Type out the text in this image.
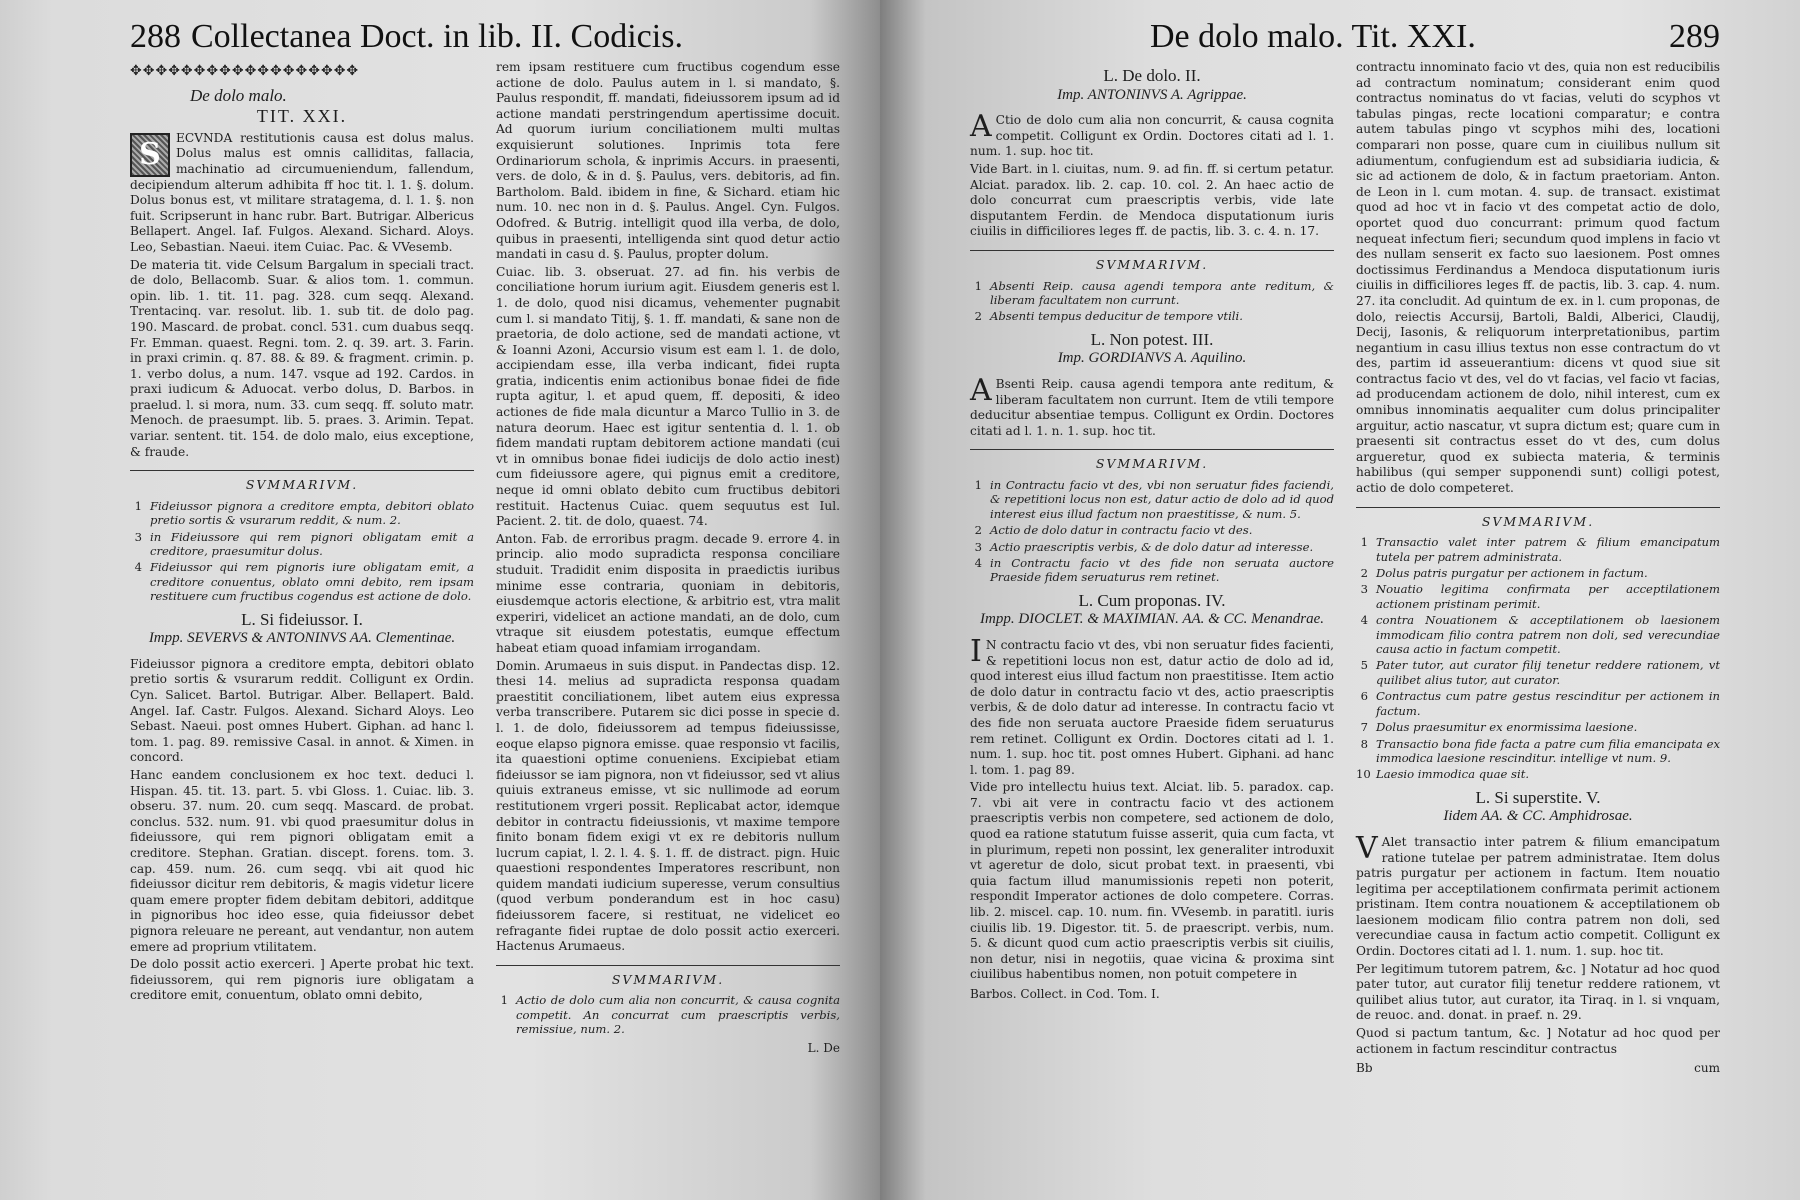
288 Collectanea Doct. in lib. II. Codicis.
✥✥✥✥✥✥✥✥✥✥✥✥✥✥✥✥✥✥
De dolo malo.
TIT. XXI.

S	ECVNDA restitutionis causa est dolus malus. Dolus malus est omnis calliditas, fallacia, machinatio ad circumueniendum, fallendum, decipiendum alterum adhibita ff hoc tit. l. 1. §. dolum. Dolus bonus est, vt militare stratagema, d. l. 1. §. non fuit. Scripserunt in hanc rubr. Bart. Butrigar. Albericus Bellapert. Angel. Iaf. Fulgos. Alexand. Sichard. Aloys. Leo, Sebastian. Naeui. item Cuiac. Pac. & VVesemb.

De materia tit. vide Celsum Bargalum in speciali tract. de dolo, Bellacomb. Suar. & alios tom. 1. commun. opin. lib. 1. tit. 11. pag. 328. cum seqq. Alexand. Trentacinq. var. resolut. lib. 1. sub tit. de dolo pag. 190. Mascard. de probat. concl. 531. cum duabus seqq. Fr. Emman. quaest. Regni. tom. 2. q. 39. art. 3. Farin. in praxi crimin. q. 87. 88. & 89. & fragment. crimin. p. 1. verbo dolus, a num. 147. vsque ad 192. Cardos. in praxi iudicum & Aduocat. verbo dolus, D. Barbos. in praelud. l. si mora, num. 33. cum seqq. ff. soluto matr. Menoch. de praesumpt. lib. 5. praes. 3. Arimin. Tepat. variar. sentent. tit. 154. de dolo malo, eius exceptione, & fraude.

SVMMARIVM.
1 Fideiussor pignora a creditore empta, debitori oblato pretio sortis & vsurarum reddit, & num. 2.
3 in Fideiussore qui rem pignori obligatam emit a creditore, praesumitur dolus.
4 Fideiussor qui rem pignoris iure obligatam emit, a creditore conuentus, oblato omni debito, rem ipsam restituere cum fructibus cogendus est actione de dolo.
L. Si fideiussor. I.
Impp. SEVERVS & ANTONINVS AA. Clementinae.

Fideiussor pignora a creditore empta, debitori oblato pretio sortis & vsurarum reddit. Colligunt ex Ordin. Cyn. Salicet. Bartol. Butrigar. Alber. Bellapert. Bald. Angel. Iaf. Castr. Fulgos. Alexand. Sichard Aloys. Leo Sebast. Naeui. post omnes Hubert. Giphan. ad hanc l. tom. 1. pag. 89. remissive Casal. in annot. & Ximen. in concord.

Hanc eandem conclusionem ex hoc text. deduci l. Hispan. 45. tit. 13. part. 5. vbi Gloss. 1. Cuiac. lib. 3. obseru. 37. num. 20. cum seqq. Mascard. de probat. conclus. 532. num. 91. vbi quod praesumitur dolus in fideiussore, qui rem pignori obligatam emit a creditore. Stephan. Gratian. discept. forens. tom. 3. cap. 459. num. 26. cum seqq. vbi ait quod hic fideiussor dicitur rem debitoris, & magis videtur licere quam emere propter fidem debitam debitori, additque in pignoribus hoc ideo esse, quia fideiussor debet pignora releuare ne pereant, aut vendantur, non autem emere ad proprium vtilitatem.

De dolo possit actio exerceri. ] Aperte probat hic text. fideiussorem, qui rem pignoris iure obligatam a creditore emit, conuentum, oblato omni debito,

rem ipsam restituere cum fructibus cogendum esse actione de dolo. Paulus autem in l. si mandato, §. Paulus respondit, ff. mandati, fideiussorem ipsum ad id actione mandati perstringendum apertissime docuit. Ad quorum iurium conciliationem multi multas exquisierunt solutiones. Inprimis tota fere Ordinariorum schola, & inprimis Accurs. in praesenti, vers. de dolo, & in d. §. Paulus, vers. debitoris, ad fin. Bartholom. Bald. ibidem in fine, & Sichard. etiam hic num. 10. nec non in d. §. Paulus. Angel. Cyn. Fulgos. Odofred. & Butrig. intelligit quod illa verba, de dolo, quibus in praesenti, intelligenda sint quod detur actio mandati in casu d. §. Paulus, propter dolum.

Cuiac. lib. 3. obseruat. 27. ad fin. his verbis de conciliatione horum iurium agit. Eiusdem generis est l. 1. de dolo, quod nisi dicamus, vehementer pugnabit cum l. si mandato Titij, §. 1. ff. mandati, & sane non de praetoria, de dolo actione, sed de mandati actione, vt & Ioanni Azoni, Accursio visum est eam l. 1. de dolo, accipiendam esse, illa verba indicant, fidei rupta gratia, indicentis enim actionibus bonae fidei de fide rupta agitur, l. et apud quem, ff. depositi, & ideo actiones de fide mala dicuntur a Marco Tullio in 3. de natura deorum. Haec est igitur sententia d. l. 1. ob fidem mandati ruptam debitorem actione mandati (cui vt in omnibus bonae fidei iudicijs de dolo actio inest) cum fideiussore agere, qui pignus emit a creditore, neque id omni oblato debito cum fructibus debitori restituit. Hactenus Cuiac. quem sequutus est Iul. Pacient. 2. tit. de dolo, quaest. 74.

Anton. Fab. de erroribus pragm. decade 9. errore 4. in princip. alio modo supradicta responsa conciliare studuit. Tradidit enim disposita in praedictis iuribus minime esse contraria, quoniam in debitoris, eiusdemque actoris electione, & arbitrio est, vtra malit experiri, videlicet an actione mandati, an de dolo, cum vtraque sit eiusdem potestatis, eumque effectum habeat etiam quoad infamiam irrogandam.

Domin. Arumaeus in suis disput. in Pandectas disp. 12. thesi 14. melius ad supradicta responsa quadam praestitit conciliationem, libet autem eius expressa verba transcribere. Putarem sic dici posse in specie d. l. 1. de dolo, fideiussorem ad tempus fideiussisse, eoque elapso pignora emisse. quae responsio vt facilis, ita quaestioni optime conueniens. Excipiebat etiam fideiussor se iam pignora, non vt fideiussor, sed vt alius quiuis extraneus emisse, vt sic nullimode ad eorum restitutionem vrgeri possit. Replicabat actor, idemque debitor in contractu fideiussionis, vt maxime tempore finito bonam fidem exigi vt ex re debitoris nullum lucrum capiat, l. 2. l. 4. §. 1. ff. de distract. pign. Huic quaestioni respondentes Imperatores rescribunt, non quidem mandati iudicium superesse, verum consultius (quod verbum ponderandum est in hoc casu) fideiussorem facere, si restituat, ne videlicet eo refragante fidei ruptae de dolo possit actio exerceri. Hactenus Arumaeus.

SVMMARIVM.
1 Actio de dolo cum alia non concurrit, & causa cognita competit. An concurrat cum praescriptis verbis, remissiue, num. 2.
L. De
De dolo malo. Tit. XXI.	289
L. De dolo. II.
Imp. ANTONINVS A. Agrippae.

A Ctio de dolo cum alia non concurrit, & causa cognita competit. Colligunt ex Ordin. Doctores citati ad l. 1. num. 1. sup. hoc tit.

Vide Bart. in l. ciuitas, num. 9. ad fin. ff. si certum petatur. Alciat. paradox. lib. 2. cap. 10. col. 2. An haec actio de dolo concurrat cum praescriptis verbis, vide late disputantem Ferdin. de Mendoca disputationum iuris ciuilis in difficiliores leges ff. de pactis, lib. 3. c. 4. n. 17.

SVMMARIVM.
1 Absenti Reip. causa agendi tempora ante reditum, & liberam facultatem non currunt.
2 Absenti tempus deducitur de tempore vtili.
L. Non potest. III.
Imp. GORDIANVS A. Aquilino.

A Bsenti Reip. causa agendi tempora ante reditum, & liberam facultatem non currunt. Item de vtili tempore deducitur absentiae tempus. Colligunt ex Ordin. Doctores citati ad l. 1. n. 1. sup. hoc tit.

SVMMARIVM.
1 in Contractu facio vt des, vbi non seruatur fides faciendi, & repetitioni locus non est, datur actio de dolo ad id quod interest eius illud factum non praestitisse, & num. 5.
2 Actio de dolo datur in contractu facio vt des.
3 Actio praescriptis verbis, & de dolo datur ad interesse.
4 in Contractu facio vt des fide non seruata auctore Praeside fidem seruaturus rem retinet.
L. Cum proponas. IV.
Impp. DIOCLET. & MAXIMIAN. AA. & CC. Menandrae.

I N contractu facio vt des, vbi non seruatur fides facienti, & repetitioni locus non est, datur actio de dolo ad id, quod interest eius illud factum non praestitisse. Item actio de dolo datur in contractu facio vt des, actio praescriptis verbis, & de dolo datur ad interesse. In contractu facio vt des fide non seruata auctore Praeside fidem seruaturus rem retinet. Colligunt ex Ordin. Doctores citati ad l. 1. num. 1. sup. hoc tit. post omnes Hubert. Giphani. ad hanc l. tom. 1. pag 89.

Vide pro intellectu huius text. Alciat. lib. 5. paradox. cap. 7. vbi ait vere in contractu facio vt des actionem praescriptis verbis non competere, sed actionem de dolo, quod ea ratione statutum fuisse asserit, quia cum facta, vt in plurimum, repeti non possint, lex generaliter introduxit vt ageretur de dolo, sicut probat text. in praesenti, vbi quia factum illud manumissionis repeti non poterit, respondit Imperator actiones de dolo competere. Corras. lib. 2. miscel. cap. 10. num. fin. VVesemb. in paratitl. iuris ciuilis lib. 19. Digestor. tit. 5. de praescript. verbis, num. 5. & dicunt quod cum actio praescriptis verbis sit ciuilis, non detur, nisi in negotiis, quae vicina & proxima sint ciuilibus habentibus nomen, non potuit competere in

Barbos. Collect. in Cod. Tom. I.

contractu innominato facio vt des, quia non est reducibilis ad contractum nominatum; considerant enim quod contractus nominatus do vt facias, veluti do scyphos vt tabulas pingas, recte locationi comparatur; e contra autem tabulas pingo vt scyphos mihi des, locationi comparari non posse, quare cum in ciuilibus nullum sit adiumentum, confugiendum est ad subsidiaria iudicia, & sic ad actionem de dolo, & in factum praetoriam. Anton. de Leon in l. cum motan. 4. sup. de transact. existimat quod ad hoc vt in facio vt des competat actio de dolo, oportet quod duo concurrant: primum quod factum nequeat infectum fieri; secundum quod implens in facio vt des nullam senserit ex facto suo laesionem. Post omnes doctissimus Ferdinandus a Mendoca disputationum iuris ciuilis in difficiliores leges ff. de pactis, lib. 3. cap. 4. num. 27. ita concludit. Ad quintum de ex. in l. cum proponas, de dolo, reiectis Accursij, Bartoli, Baldi, Alberici, Claudij, Decij, Iasonis, & reliquorum interpretationibus, partim negantium in casu illius textus non esse contractum do vt des, partim id asseuerantium: dicens vt quod siue sit contractus facio vt des, vel do vt facias, vel facio vt facias, ad producendam actionem de dolo, nihil interest, cum ex omnibus innominatis aequaliter cum dolus principaliter arguitur, actio nascatur, vt supra dictum est; quare cum in praesenti sit contractus esset do vt des, cum dolus argueretur, quod ex subiecta materia, & terminis habilibus (qui semper supponendi sunt) colligi potest, actio de dolo competeret.

SVMMARIVM.
1 Transactio valet inter patrem & filium emancipatum tutela per patrem administrata.
2 Dolus patris purgatur per actionem in factum.
3 Nouatio legitima confirmata per acceptilationem actionem pristinam perimit.
4 contra Nouationem & acceptilationem ob laesionem immodicam filio contra patrem non doli, sed verecundiae causa actio in factum competit.
5 Pater tutor, aut curator filij tenetur reddere rationem, vt quilibet alius tutor, aut curator.
6 Contractus cum patre gestus rescinditur per actionem in factum.
7 Dolus praesumitur ex enormissima laesione.
8 Transactio bona fide facta a patre cum filia emancipata ex immodica laesione rescinditur. intellige vt num. 9.
10 Laesio immodica quae sit.
L. Si superstite. V.
Iidem AA. & CC. Amphidrosae.

V Alet transactio inter patrem & filium emancipatum ratione tutelae per patrem administratae. Item dolus patris purgatur per actionem in factum. Item nouatio legitima per acceptilationem confirmata perimit actionem pristinam. Item contra nouationem & acceptilationem ob laesionem modicam filio contra patrem non doli, sed verecundiae causa in factum actio competit. Colligunt ex Ordin. Doctores citati ad l. 1. num. 1. sup. hoc tit.

Per legitimum tutorem patrem, &c. ] Notatur ad hoc quod pater tutor, aut curator filij tenetur reddere rationem, vt quilibet alius tutor, aut curator, ita Tiraq. in l. si vnquam, de reuoc. and. donat. in praef. n. 29.

Quod si pactum tantum, &c. ] Notatur ad hoc quod per actionem in factum rescinditur contractus

Bb	cum
